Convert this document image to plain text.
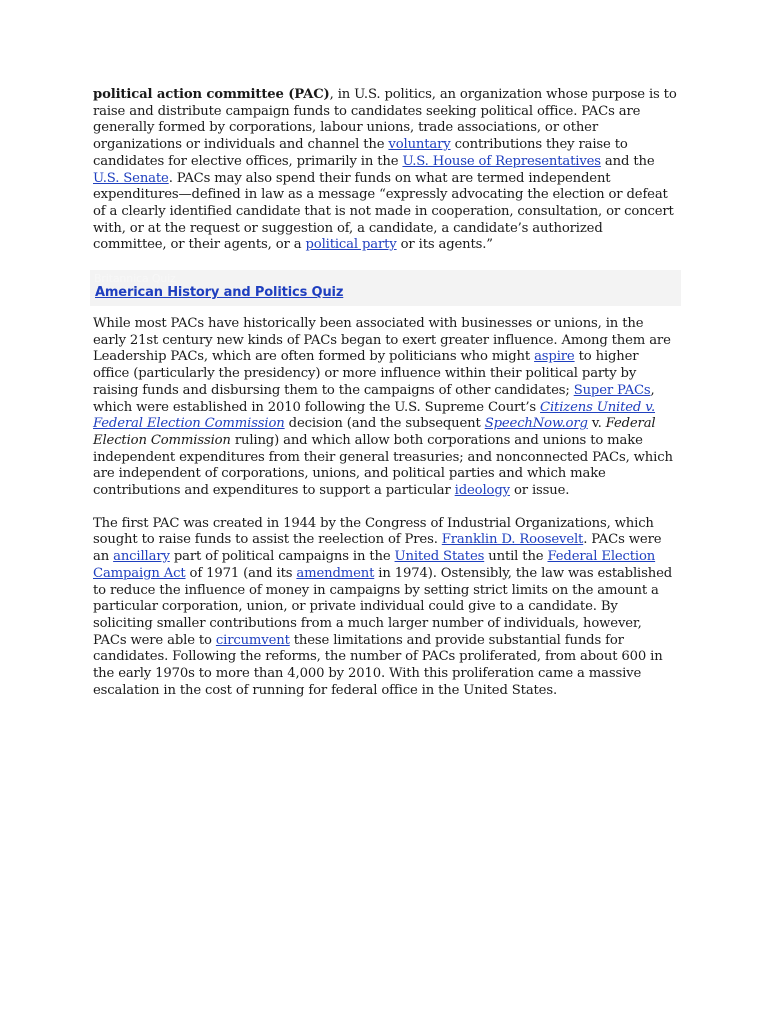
political action committee (PAC), in U.S. politics, an organization whose purpose is to raise and distribute campaign funds to candidates seeking political office. PACs are generally formed by corporations, labour unions, trade associations, or other organizations or individuals and channel the voluntary contributions they raise to candidates for elective offices, primarily in the U.S. House of Representatives and the U.S. Senate. PACs may also spend their funds on what are termed independent expenditures—defined in law as a message “expressly advocating the election or defeat of a clearly identified candidate that is not made in cooperation, consultation, or concert with, or at the request or suggestion of, a candidate, a candidate’s authorized committee, or their agents, or a political party or its agents.”

Britannica Quiz
American History and Politics Quiz

While most PACs have historically been associated with businesses or unions, in the early 21st century new kinds of PACs began to exert greater influence. Among them are Leadership PACs, which are often formed by politicians who might aspire to higher office (particularly the presidency) or more influence within their political party by raising funds and disbursing them to the campaigns of other candidates; Super PACs, which were established in 2010 following the U.S. Supreme Court’s Citizens United v. Federal Election Commission decision (and the subsequent SpeechNow.org v. Federal Election Commission ruling) and which allow both corporations and unions to make independent expenditures from their general treasuries; and nonconnected PACs, which are independent of corporations, unions, and political parties and which make contributions and expenditures to support a particular ideology or issue.

The first PAC was created in 1944 by the Congress of Industrial Organizations, which sought to raise funds to assist the reelection of Pres. Franklin D. Roosevelt. PACs were an ancillary part of political campaigns in the United States until the Federal Election Campaign Act of 1971 (and its amendment in 1974). Ostensibly, the law was established to reduce the influence of money in campaigns by setting strict limits on the amount a particular corporation, union, or private individual could give to a candidate. By soliciting smaller contributions from a much larger number of individuals, however, PACs were able to circumvent these limitations and provide substantial funds for candidates. Following the reforms, the number of PACs proliferated, from about 600 in the early 1970s to more than 4,000 by 2010. With this proliferation came a massive escalation in the cost of running for federal office in the United States.
